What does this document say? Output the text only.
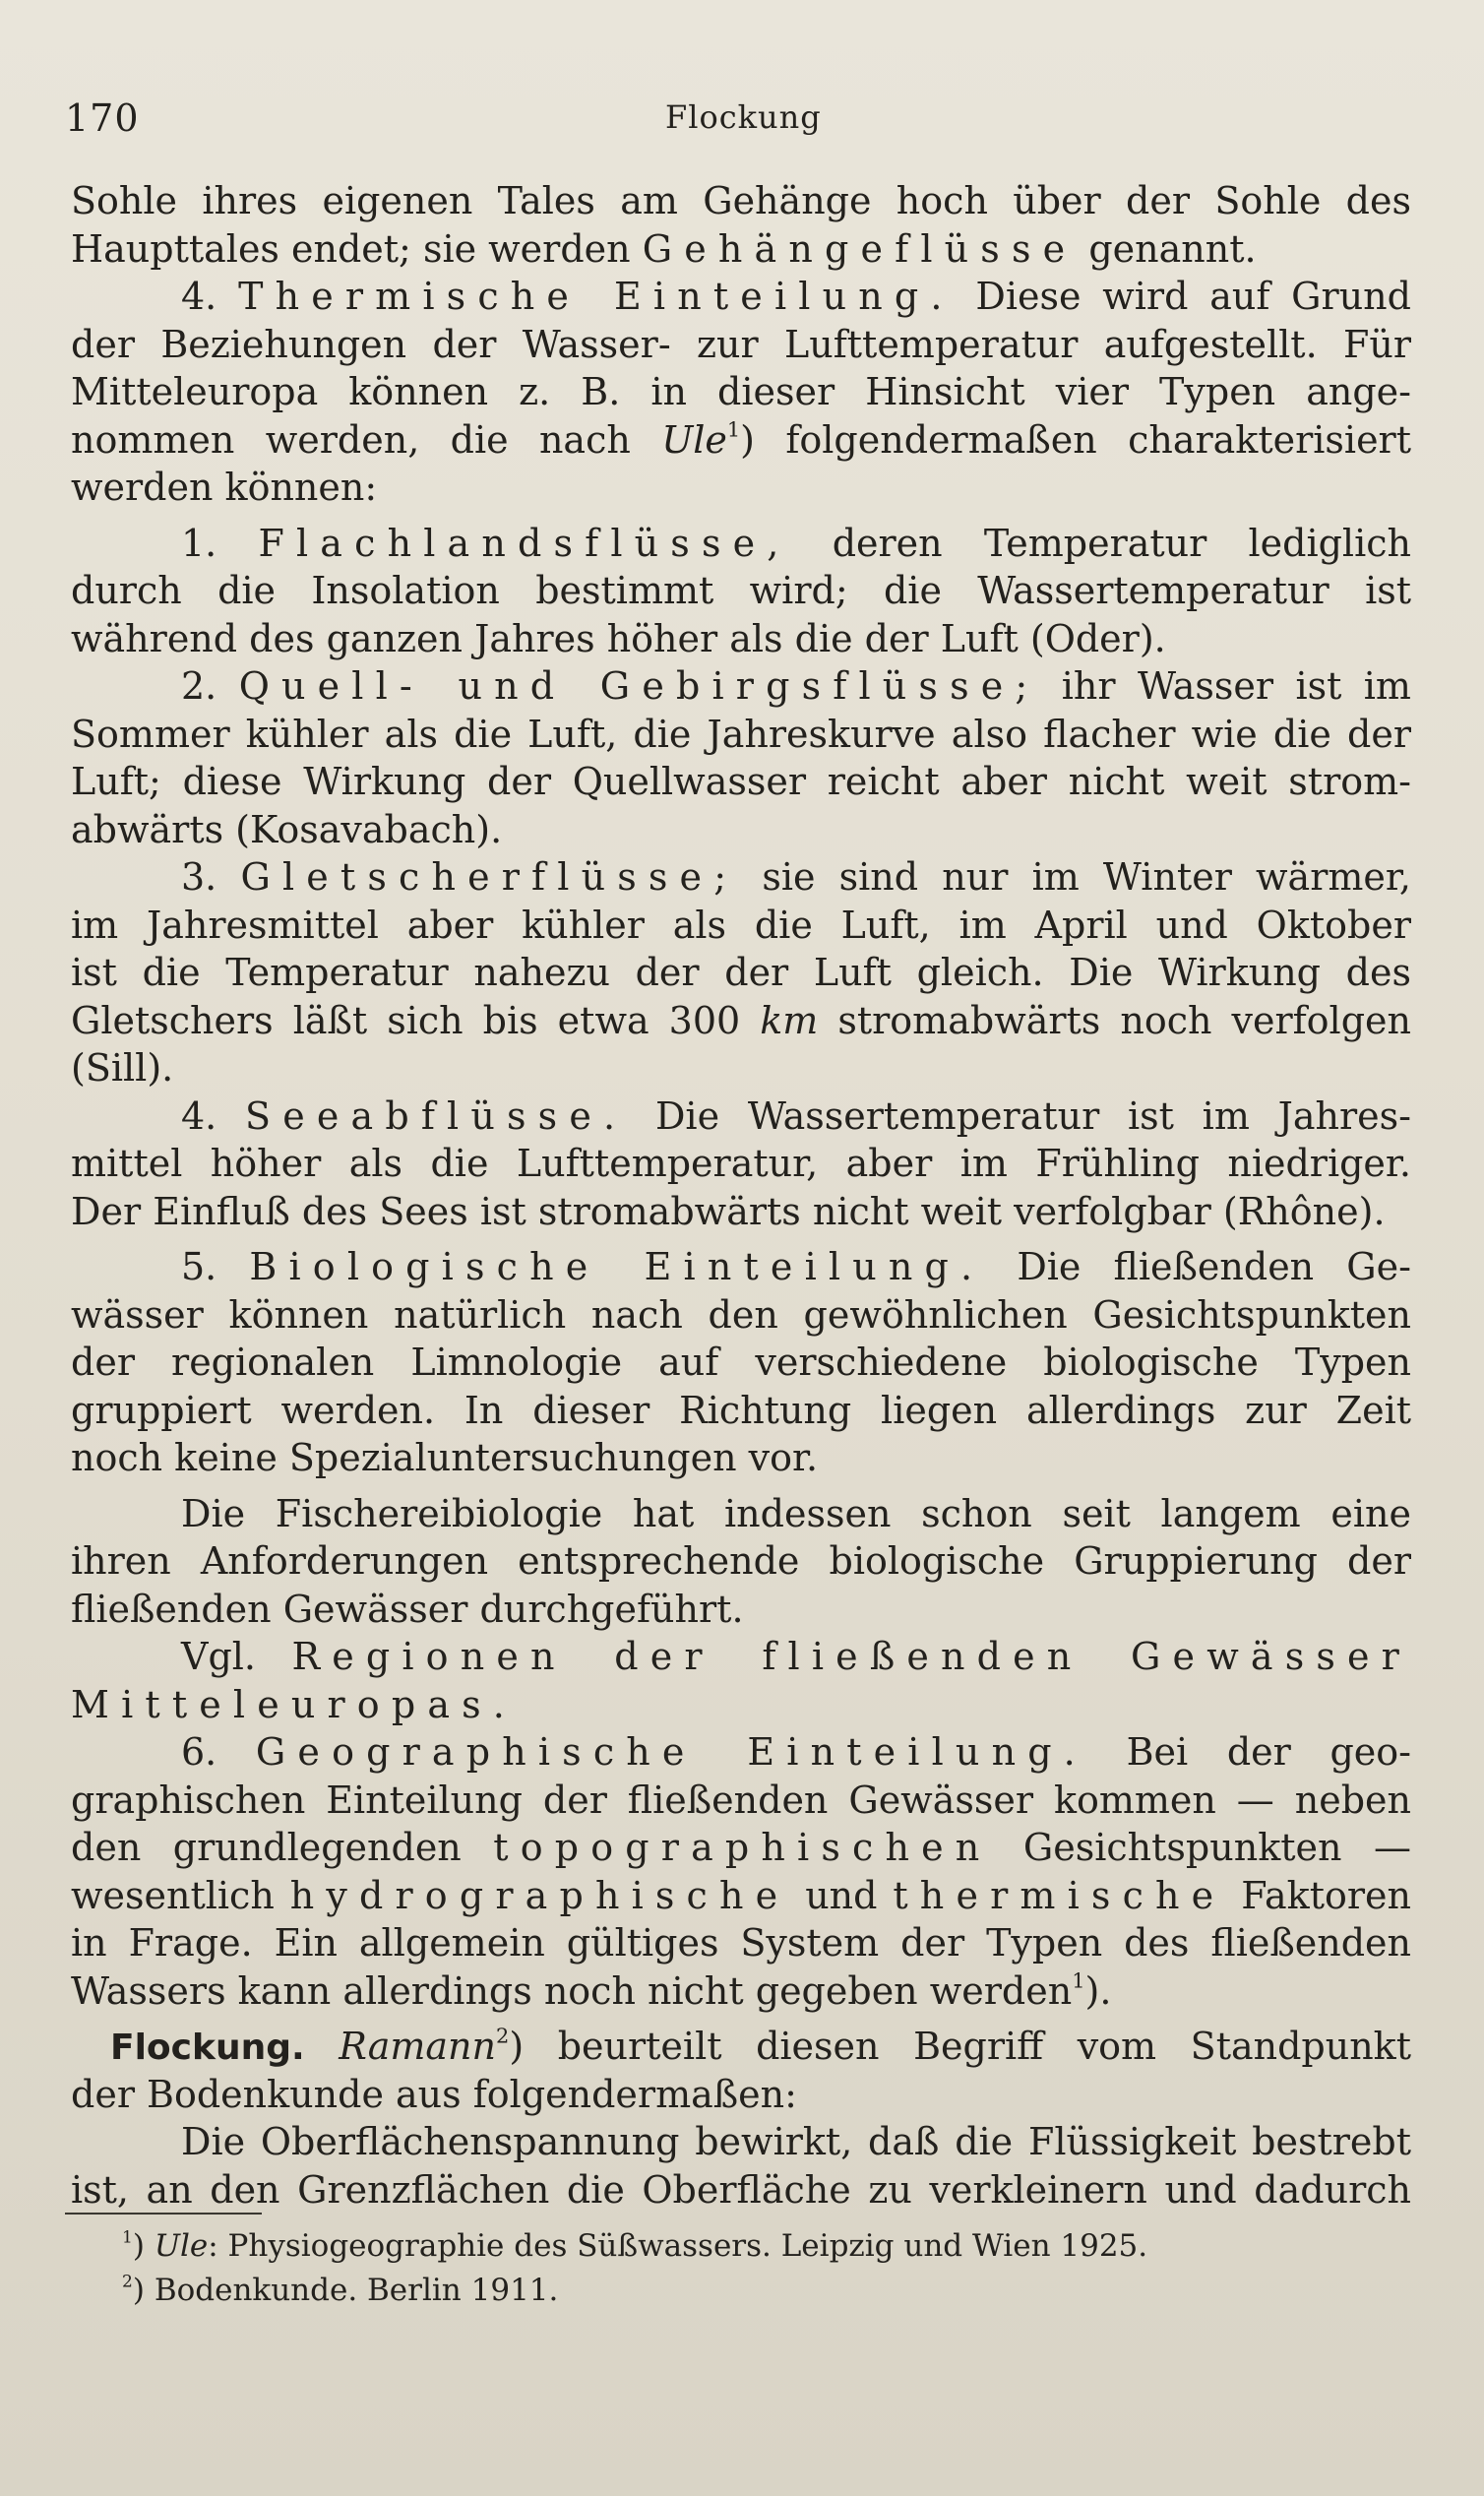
170	Flockung
Sohle ihres eigenen Tales am Gehänge hoch über der Sohle des
Haupttales endet; sie werden Gehängeflüsse genannt.
4. Thermische Einteilung. Diese wird auf Grund
der Beziehungen der Wasser- zur Lufttemperatur aufgestellt. Für
Mitteleuropa können z. B. in dieser Hinsicht vier Typen ange-
nommen werden, die nach Ule$^1$) folgendermaßen charakterisiert
werden können:
1. Flachlandsflüsse, deren Temperatur lediglich
durch die Insolation bestimmt wird; die Wassertemperatur ist
während des ganzen Jahres höher als die der Luft (Oder).
2. Quell- und Gebirgsflüsse; ihr Wasser ist im
Sommer kühler als die Luft, die Jahreskurve also flacher wie die der
Luft; diese Wirkung der Quellwasser reicht aber nicht weit strom-
abwärts (Kosavabach).
3. Gletscherflüsse; sie sind nur im Winter wärmer,
im Jahresmittel aber kühler als die Luft, im April und Oktober
ist die Temperatur nahezu der der Luft gleich. Die Wirkung des
Gletschers läßt sich bis etwa 300 km stromabwärts noch verfolgen
(Sill).
4. Seeabflüsse. Die Wassertemperatur ist im Jahres-
mittel höher als die Lufttemperatur, aber im Frühling niedriger.
Der Einfluß des Sees ist stromabwärts nicht weit verfolgbar (Rhône).
5. Biologische Einteilung. Die fließenden Ge-
wässer können natürlich nach den gewöhnlichen Gesichtspunkten
der regionalen Limnologie auf verschiedene biologische Typen
gruppiert werden. In dieser Richtung liegen allerdings zur Zeit
noch keine Spezialuntersuchungen vor.
Die Fischereibiologie hat indessen schon seit langem eine
ihren Anforderungen entsprechende biologische Gruppierung der
fließenden Gewässer durchgeführt.
Vgl. Regionen der fließenden Gewässer
Mitteleuropas.
6. Geographische Einteilung. Bei der geo-
graphischen Einteilung der fließenden Gewässer kommen — neben
den grundlegenden topographischen Gesichtspunkten —
wesentlich hydrographische und thermische Faktoren
in Frage. Ein allgemein gültiges System der Typen des fließenden
Wassers kann allerdings noch nicht gegeben werden$^1$).
Flockung. Ramann$^2$) beurteilt diesen Begriff vom Standpunkt
der Bodenkunde aus folgendermaßen:
Die Oberflächenspannung bewirkt, daß die Flüssigkeit bestrebt
ist, an den Grenzflächen die Oberfläche zu verkleinern und dadurch
$^1$) Ule: Physiogeographie des Süßwassers. Leipzig und Wien 1925.
$^2$) Bodenkunde. Berlin 1911.
